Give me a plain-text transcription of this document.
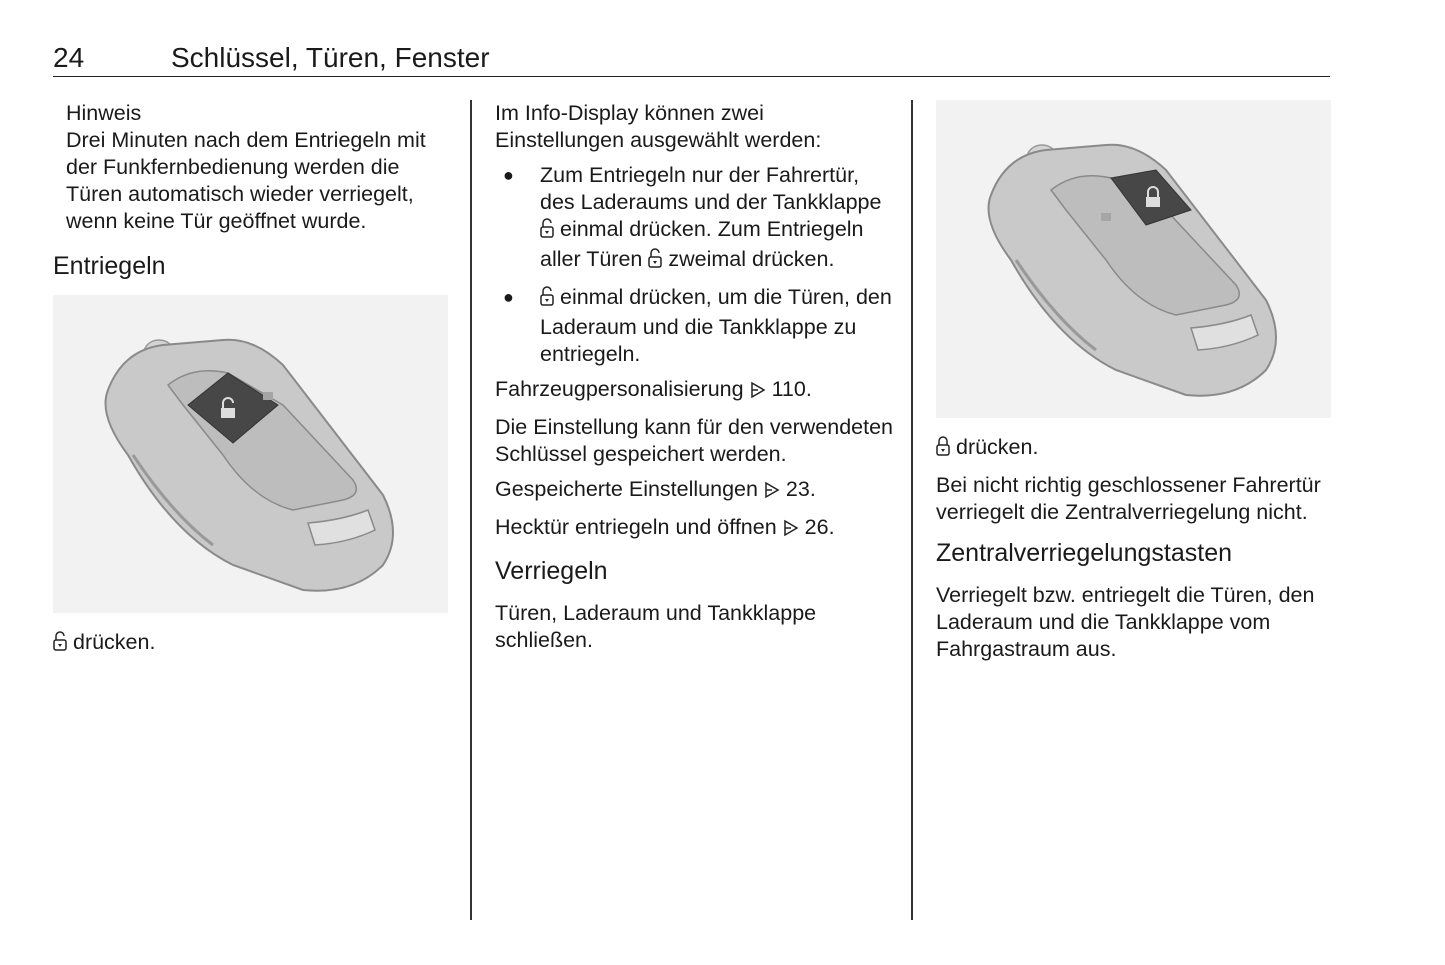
24	Schlüssel, Türen, Fenster
Hinweis
Drei Minuten nach dem Entriegeln mit der Funkfernbedienung werden die Türen automatisch wieder verriegelt, wenn keine Tür geöffnet wurde.
Entriegeln

drücken.

Im Info-Display können zwei Einstellungen ausgewählt werden:

● Zum Entriegeln nur der Fahrertür, des Laderaums und der Tankklappe  einmal drücken. Zum Entriegeln aller Türen zweimal drücken.
● einmal drücken, um die Türen, den Laderaum und die Tankklappe zu entriegeln.

Fahrzeugpersonalisierung 110.

Die Einstellung kann für den verwendeten Schlüssel gespeichert werden.

Gespeicherte Einstellungen 23.

Hecktür entriegeln und öffnen 26.

Verriegeln

Türen, Laderaum und Tankklappe schließen.

drücken.

Bei nicht richtig geschlossener Fahrertür verriegelt die Zentralverriegelung nicht.

Zentralverriegelungstasten

Verriegelt bzw. entriegelt die Türen, den Laderaum und die Tankklappe vom Fahrgastraum aus.
